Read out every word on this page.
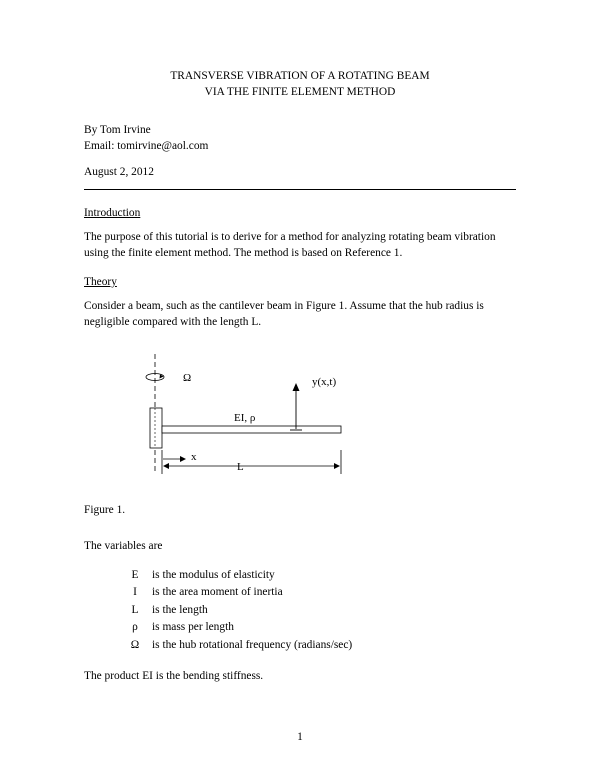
TRANSVERSE VIBRATION OF A ROTATING BEAM
VIA THE FINITE ELEMENT METHOD
By Tom Irvine
Email: tomirvine@aol.com
August 2, 2012
Introduction
The purpose of this tutorial is to derive for a method for analyzing rotating beam vibration
using the finite element method. The method is based on Reference 1.
Theory
Consider a beam, such as the cantilever beam in Figure 1. Assume that the hub radius is
negligible compared with the length L.
Ω	y(x,t)
EI, ρ
x
L
Figure 1.
The variables are
E is the modulus of elasticity
I	is the area moment of inertia
L is the length
ρ is mass per length
Ω is the hub rotational frequency (radians/sec)
The product EI is the bending stiffness.
1
